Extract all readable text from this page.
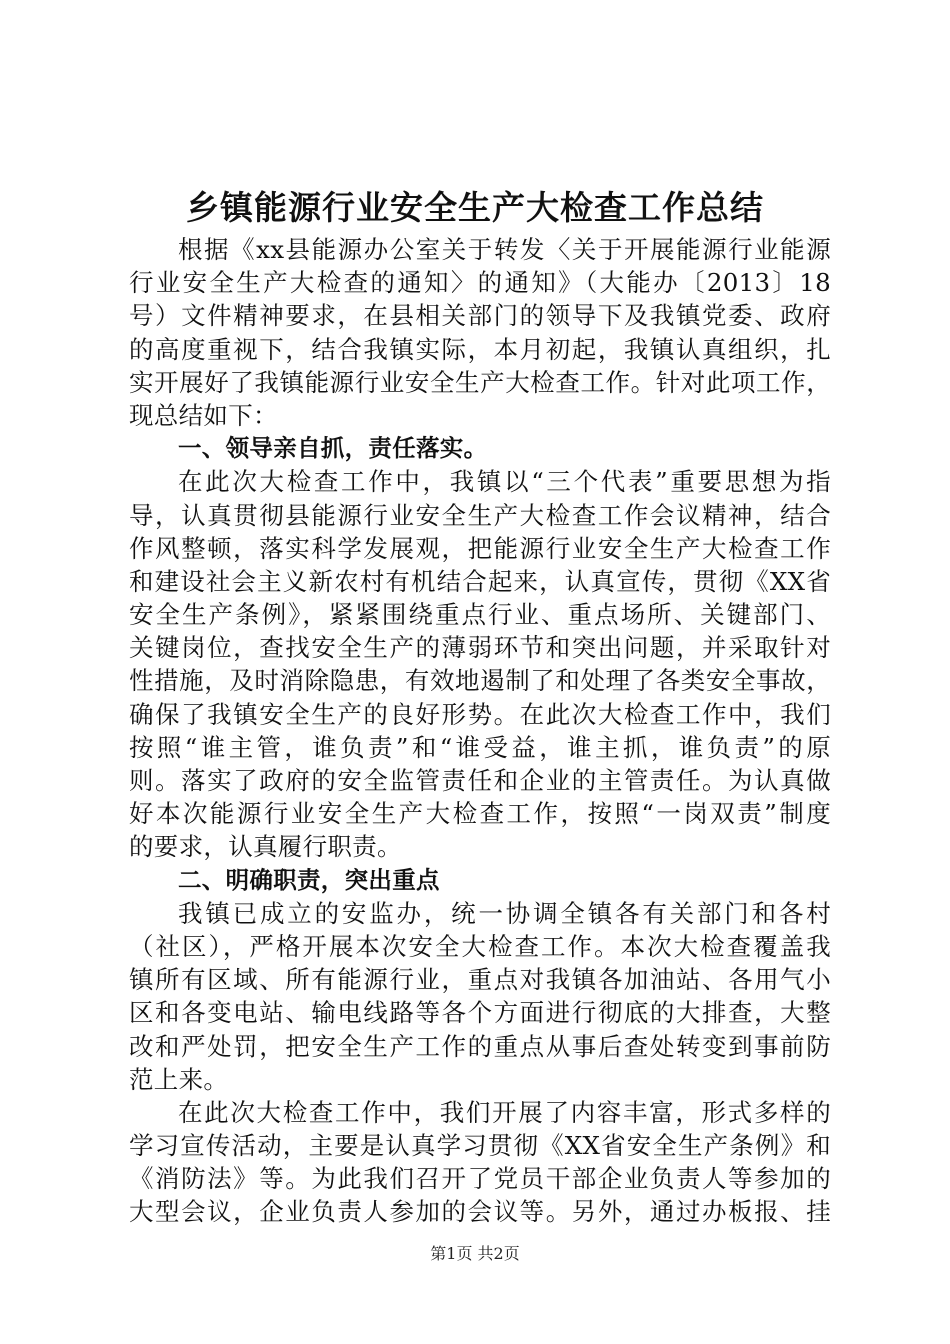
乡镇能源行业安全生产大检查工作总结
根据《xx县能源办公室关于转发〈关于开展能源行业能源
行业安全生产大检查的通知〉的通知》（大能办〔2013〕18
号）文件精神要求，在县相关部门的领导下及我镇党委、政府
的高度重视下，结合我镇实际，本月初起，我镇认真组织，扎
实开展好了我镇能源行业安全生产大检查工作。针对此项工作，
现总结如下：
一、领导亲自抓，责任落实。
在此次大检查工作中，我镇以“三个代表”重要思想为指
导，认真贯彻县能源行业安全生产大检查工作会议精神，结合
作风整顿，落实科学发展观，把能源行业安全生产大检查工作
和建设社会主义新农村有机结合起来，认真宣传，贯彻《XX省
安全生产条例》，紧紧围绕重点行业、重点场所、关键部门、
关键岗位，查找安全生产的薄弱环节和突出问题，并采取针对
性措施，及时消除隐患，有效地遏制了和处理了各类安全事故，
确保了我镇安全生产的良好形势。在此次大检查工作中，我们
按照“谁主管，谁负责”和“谁受益，谁主抓，谁负责”的原
则。落实了政府的安全监管责任和企业的主管责任。为认真做
好本次能源行业安全生产大检查工作，按照“一岗双责”制度
的要求，认真履行职责。
二、明确职责，突出重点
我镇已成立的安监办，统一协调全镇各有关部门和各村
（社区），严格开展本次安全大检查工作。本次大检查覆盖我
镇所有区域、所有能源行业，重点对我镇各加油站、各用气小
区和各变电站、输电线路等各个方面进行彻底的大排查，大整
改和严处罚，把安全生产工作的重点从事后查处转变到事前防
范上来。
在此次大检查工作中，我们开展了内容丰富，形式多样的
学习宣传活动，主要是认真学习贯彻《XX省安全生产条例》和
《消防法》等。为此我们召开了党员干部企业负责人等参加的
大型会议，企业负责人参加的会议等。另外，通过办板报、挂
第1页 共2页
